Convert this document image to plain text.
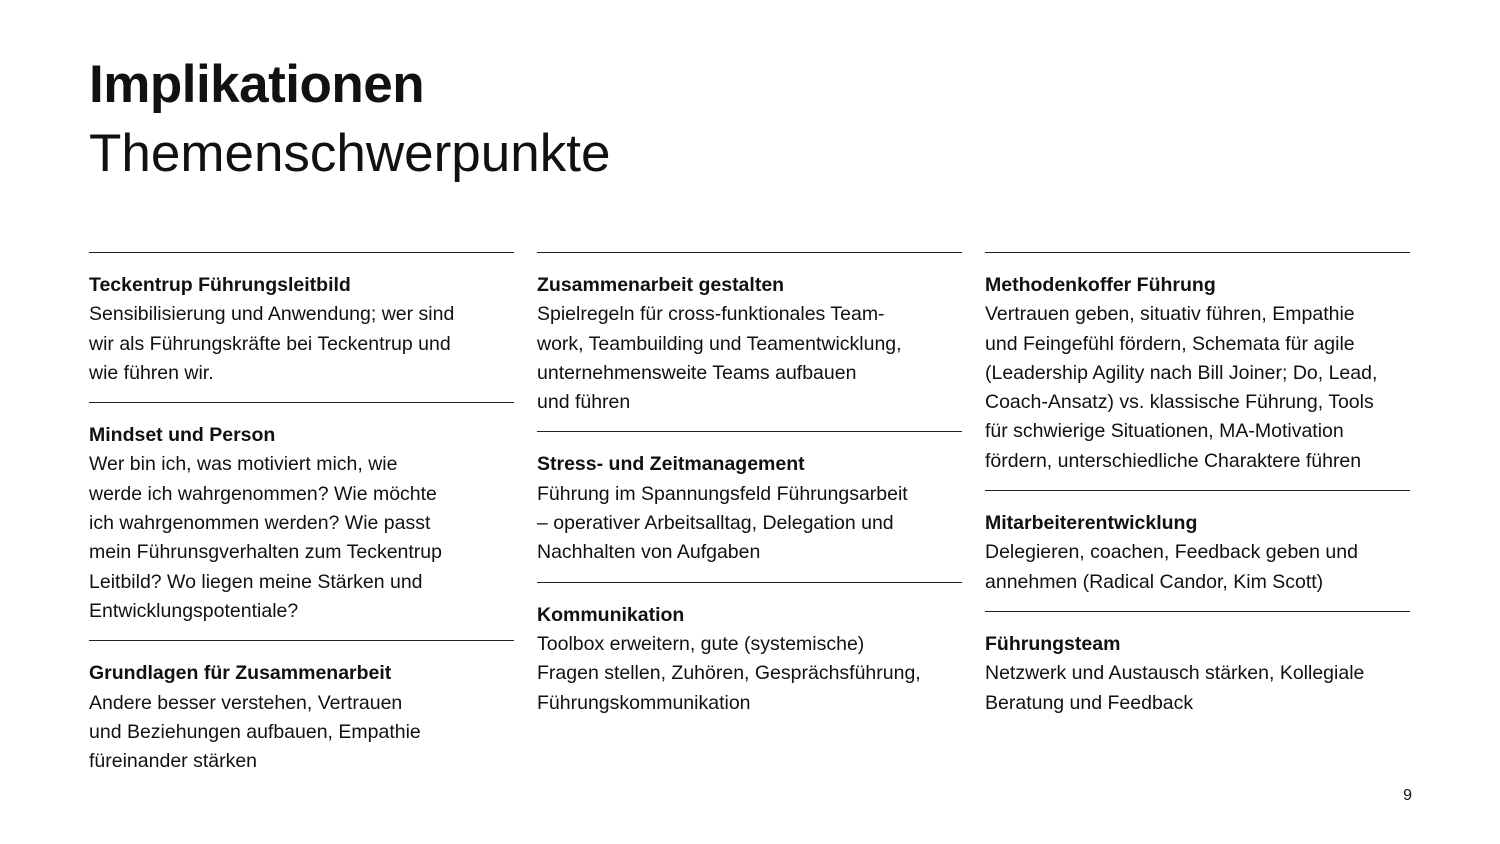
Implikationen
Themenschwerpunkte
Teckentrup Führungsleitbild
Sensibilisierung und Anwendung; wer sind
wir als Führungskräfte bei Teckentrup und
wie führen wir.
Mindset und Person
Wer bin ich, was motiviert mich, wie
werde ich wahrgenommen? Wie möchte
ich wahrgenommen werden? Wie passt
mein Führunsgverhalten zum Teckentrup
Leitbild? Wo liegen meine Stärken und
Entwicklungspotentiale?
Grundlagen für Zusammenarbeit
Andere besser verstehen, Vertrauen
und Beziehungen aufbauen, Empathie
füreinander stärken
Zusammenarbeit gestalten
Spielregeln für cross-funktionales Team-
work, Teambuilding und Teamentwicklung,
unternehmensweite Teams aufbauen
und führen
Stress- und Zeitmanagement
Führung im Spannungsfeld Führungsarbeit
– operativer Arbeitsalltag, Delegation und
Nachhalten von Aufgaben
Kommunikation
Toolbox erweitern, gute (systemische)
Fragen stellen, Zuhören, Gesprächsführung,
Führungskommunikation
Methodenkoffer Führung
Vertrauen geben, situativ führen, Empathie
und Feingefühl fördern, Schemata für agile
(Leadership Agility nach Bill Joiner; Do, Lead,
Coach-Ansatz) vs. klassische Führung, Tools
für schwierige Situationen, MA-Motivation
fördern, unterschiedliche Charaktere führen
Mitarbeiterentwicklung
Delegieren, coachen, Feedback geben und
annehmen (Radical Candor, Kim Scott)
Führungsteam
Netzwerk und Austausch stärken, Kollegiale
Beratung und Feedback
9
